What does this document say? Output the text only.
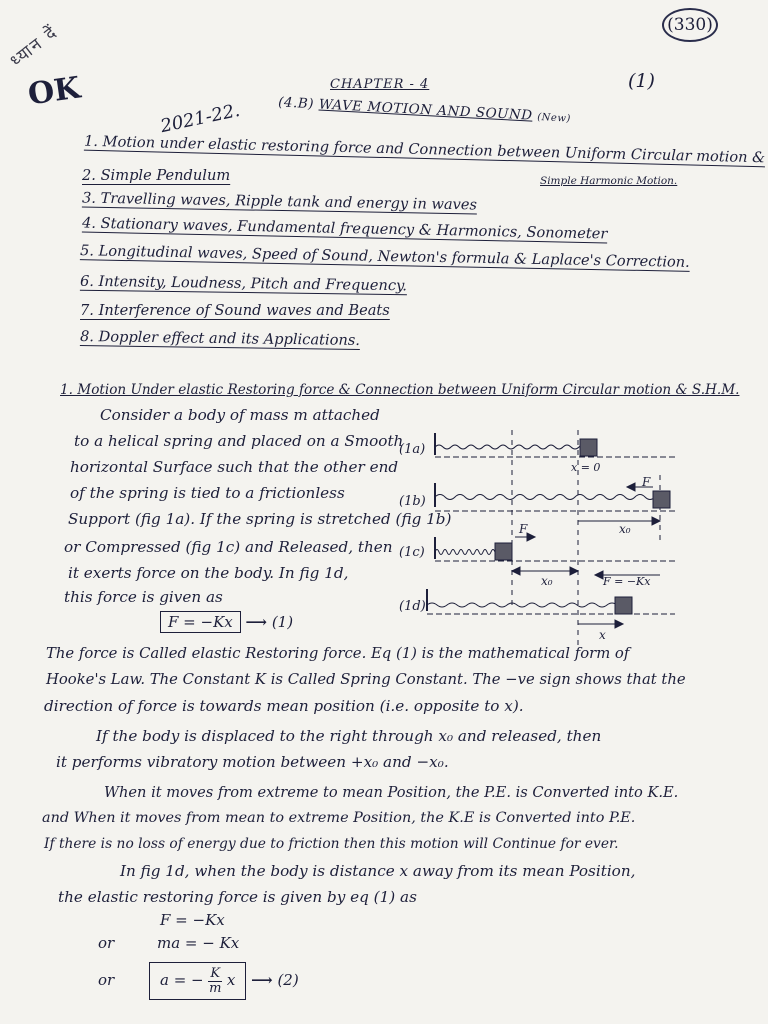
OK
ध्यान दें	(330)
CHAPTER - 4	(1)
2021-22.	(4.B) WAVE MOTION AND SOUND (New)
1. Motion under elastic restoring force and Connection between Uniform Circular motion &
Simple Harmonic Motion.
2. Simple Pendulum
3. Travelling waves, Ripple tank and energy in waves
4. Stationary waves, Fundamental frequency & Harmonics, Sonometer
5. Longitudinal waves, Speed of Sound, Newton's formula & Laplace's Correction.
6. Intensity, Loudness, Pitch and Frequency.
7. Interference of Sound waves and Beats
8. Doppler effect and its Applications.
1. Motion Under elastic Restoring force & Connection between Uniform Circular motion & S.H.M.
Consider a body of mass m attached
to a helical spring and placed on a Smooth
horizontal Surface such that the other end
of the spring is tied to a frictionless
Support (fig 1a). If the spring is stretched (fig 1b)
or Compressed (fig 1c) and Released, then
it exerts force on the body. In fig 1d,
this force is given as
F = −Kx ⟶ (1)
(1a)
(1b)
(1c)
(1d)
x = 0
F
x₀
F
x₀	F = −Kx
x
The force is Called elastic Restoring force. Eq (1) is the mathematical form of
Hooke's Law. The Constant K is Called Spring Constant. The −ve sign shows that the
direction of force is towards mean position (i.e. opposite to x).
If the body is displaced to the right through x₀ and released, then
it performs vibratory motion between +x₀ and −x₀.
When it moves from extreme to mean Position, the P.E. is Converted into K.E.
and When it moves from mean to extreme Position, the K.E is Converted into P.E.
If there is no loss of energy due to friction then this motion will Continue for ever.
In fig 1d, when the body is distance x away from its mean Position,
the elastic restoring force is given by eq (1) as
F = −Kx
or	ma = − Kx
or	a = − $\frac{K}{m}$ x ⟶ (2)
